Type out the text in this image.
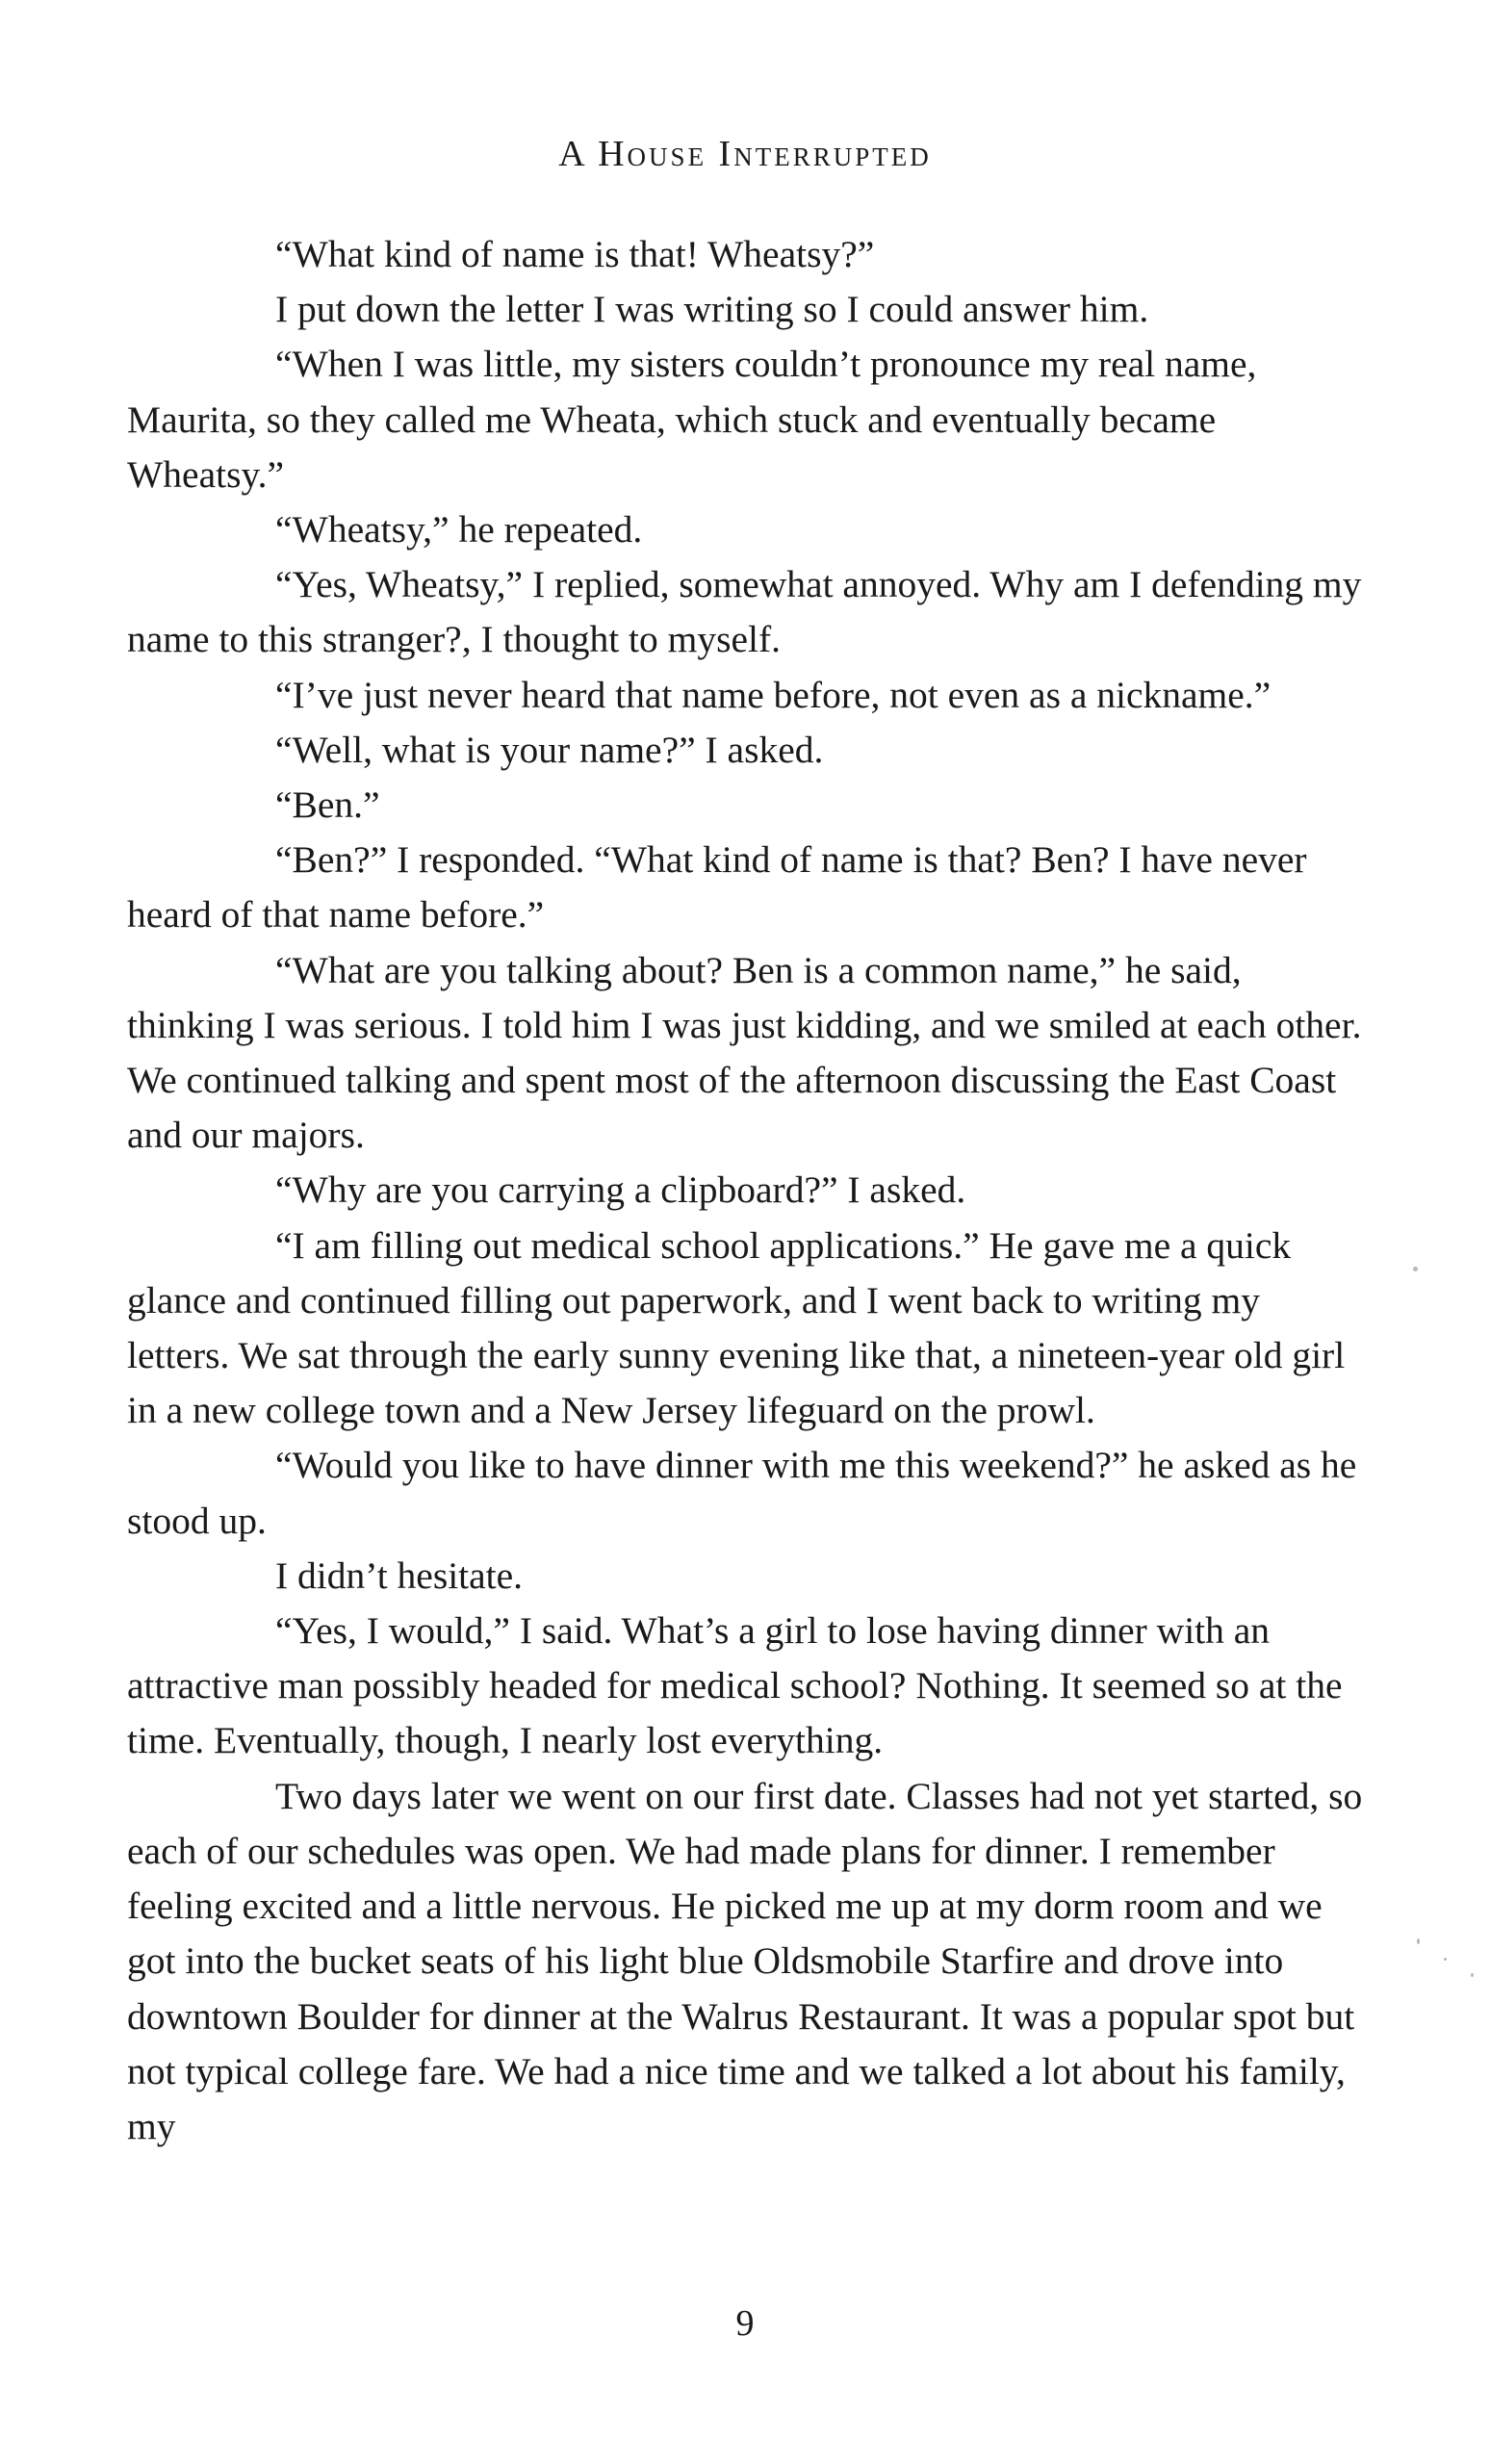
A House Interrupted

“What kind of name is that! Wheatsy?”

I put down the letter I was writing so I could answer him.

“When I was little, my sisters couldn’t pronounce my real name, Maurita, so they called me Wheata, which stuck and eventually became Wheatsy.”

“Wheatsy,” he repeated.

“Yes, Wheatsy,” I replied, somewhat annoyed. Why am I defending my name to this stranger?, I thought to myself.

“I’ve just never heard that name before, not even as a nickname.”

“Well, what is your name?” I asked.

“Ben.”

“Ben?” I responded. “What kind of name is that? Ben? I have never heard of that name before.”

“What are you talking about? Ben is a common name,” he said, thinking I was serious. I told him I was just kidding, and we smiled at each other. We continued talking and spent most of the afternoon discussing the East Coast and our majors.

“Why are you carrying a clipboard?” I asked.

“I am filling out medical school applications.” He gave me a quick glance and continued filling out paperwork, and I went back to writing my letters. We sat through the early sunny evening like that, a nineteen-year old girl in a new college town and a New Jersey lifeguard on the prowl.

“Would you like to have dinner with me this weekend?” he asked as he stood up.

I didn’t hesitate.

“Yes, I would,” I said. What’s a girl to lose having dinner with an attractive man possibly headed for medical school? Nothing. It seemed so at the time. Eventually, though, I nearly lost everything.

Two days later we went on our first date. Classes had not yet started, so each of our schedules was open. We had made plans for dinner. I remember feeling excited and a little nervous. He picked me up at my dorm room and we got into the bucket seats of his light blue Oldsmobile Starfire and drove into downtown Boulder for dinner at the Walrus Restaurant. It was a popular spot but not typical college fare. We had a nice time and we talked a lot about his family, my

9
